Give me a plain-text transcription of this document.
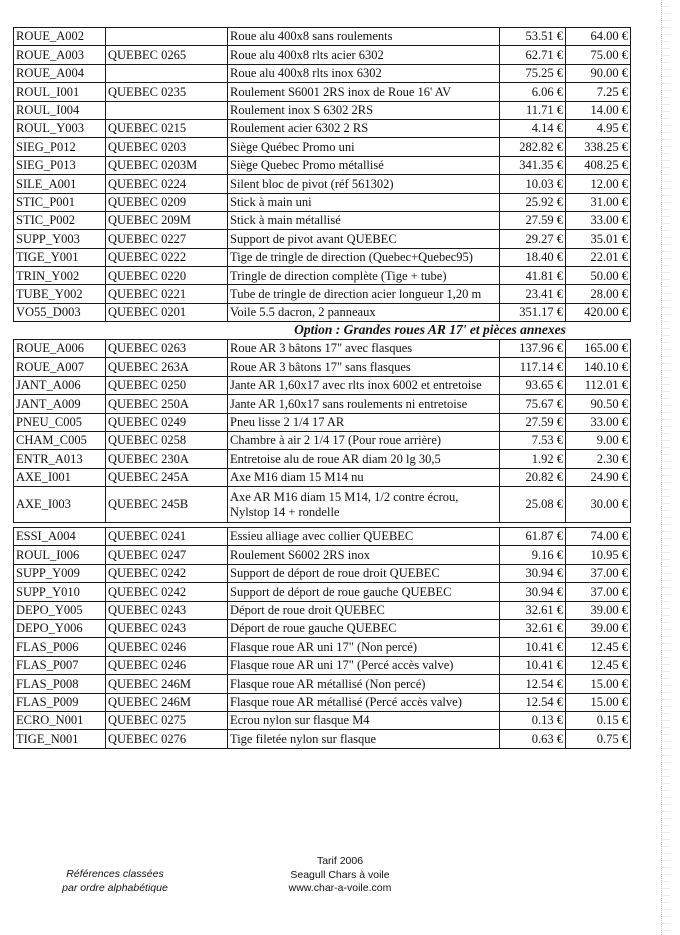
ROUE_A002		Roue alu 400x8 sans roulements	53.51 €	64.00 €
ROUE_A003	QUEBEC 0265	Roue alu 400x8 rlts acier 6302	62.71 €	75.00 €
ROUE_A004		Roue alu 400x8 rlts inox 6302	75.25 €	90.00 €
ROUL_I001	QUEBEC 0235	Roulement S6001 2RS inox de Roue 16' AV	6.06 €	7.25 €
ROUL_I004		Roulement inox S 6302 2RS	11.71 €	14.00 €
ROUL_Y003	QUEBEC 0215	Roulement acier 6302 2 RS	4.14 €	4.95 €
SIEG_P012	QUEBEC 0203	Siège Québec Promo uni	282.82 €	338.25 €
SIEG_P013	QUEBEC 0203M	Siège Quebec Promo métallisé	341.35 €	408.25 €
SILE_A001	QUEBEC 0224	Silent bloc de pivot (réf 561302)	10.03 €	12.00 €
STIC_P001	QUEBEC 0209	Stick à main uni	25.92 €	31.00 €
STIC_P002	QUEBEC 209M	Stick à main métallisé	27.59 €	33.00 €
SUPP_Y003	QUEBEC 0227	Support de pivot avant QUEBEC	29.27 €	35.01 €
TIGE_Y001	QUEBEC 0222	Tige de tringle de direction (Quebec+Quebec95)	18.40 €	22.01 €
TRIN_Y002	QUEBEC 0220	Tringle de direction complète (Tige + tube)	41.81 €	50.00 €
TUBE_Y002	QUEBEC 0221	Tube de tringle de direction acier longueur 1,20 m	23.41 €	28.00 €
VO55_D003	QUEBEC 0201	Voile 5.5 dacron, 2 panneaux	351.17 €	420.00 €
Option : Grandes roues AR 17' et pièces annexes
ROUE_A006	QUEBEC 0263	Roue AR 3 bâtons 17" avec flasques	137.96 €	165.00 €
ROUE_A007	QUEBEC 263A	Roue AR 3 bâtons 17" sans flasques	117.14 €	140.10 €
JANT_A006	QUEBEC 0250	Jante AR 1,60x17 avec rlts inox 6002 et entretoise	93.65 €	112.01 €
JANT_A009	QUEBEC 250A	Jante AR 1,60x17 sans roulements ni entretoise	75.67 €	90.50 €
PNEU_C005	QUEBEC 0249	Pneu lisse 2 1/4 17 AR	27.59 €	33.00 €
CHAM_C005	QUEBEC 0258	Chambre à air 2 1/4 17 (Pour roue arrière)	7.53 €	9.00 €
ENTR_A013	QUEBEC 230A	Entretoise alu de roue AR diam 20 lg 30,5	1.92 €	2.30 €
AXE_I001	QUEBEC 245A	Axe M16 diam 15 M14 nu	20.82 €	24.90 €
AXE_I003	QUEBEC 245B	Axe AR M16 diam 15 M14, 1/2 contre écrou, Nylstop 14 + rondelle	25.08 €	30.00 €
ESSI_A004	QUEBEC 0241	Essieu alliage avec collier QUEBEC	61.87 €	74.00 €
ROUL_I006	QUEBEC 0247	Roulement S6002 2RS inox	9.16 €	10.95 €
SUPP_Y009	QUEBEC 0242	Support de déport de roue droit QUEBEC	30.94 €	37.00 €
SUPP_Y010	QUEBEC 0242	Support de déport de roue gauche QUEBEC	30.94 €	37.00 €
DEPO_Y005	QUEBEC 0243	Déport de roue droit QUEBEC	32.61 €	39.00 €
DEPO_Y006	QUEBEC 0243	Déport de roue gauche QUEBEC	32.61 €	39.00 €
FLAS_P006	QUEBEC 0246	Flasque roue AR uni 17" (Non percé)	10.41 €	12.45 €
FLAS_P007	QUEBEC 0246	Flasque roue AR uni 17" (Percé accès valve)	10.41 €	12.45 €
FLAS_P008	QUEBEC 246M	Flasque roue AR métallisé (Non percé)	12.54 €	15.00 €
FLAS_P009	QUEBEC 246M	Flasque roue AR métallisé (Percé accès valve)	12.54 €	15.00 €
ECRO_N001	QUEBEC 0275	Ecrou nylon sur flasque M4	0.13 €	0.15 €
TIGE_N001	QUEBEC 0276	Tige filetée nylon sur flasque	0.63 €	0.75 €
Références classées
par ordre alphabétique
Tarif 2006
Seagull Chars à voile
www.char-a-voile.com
